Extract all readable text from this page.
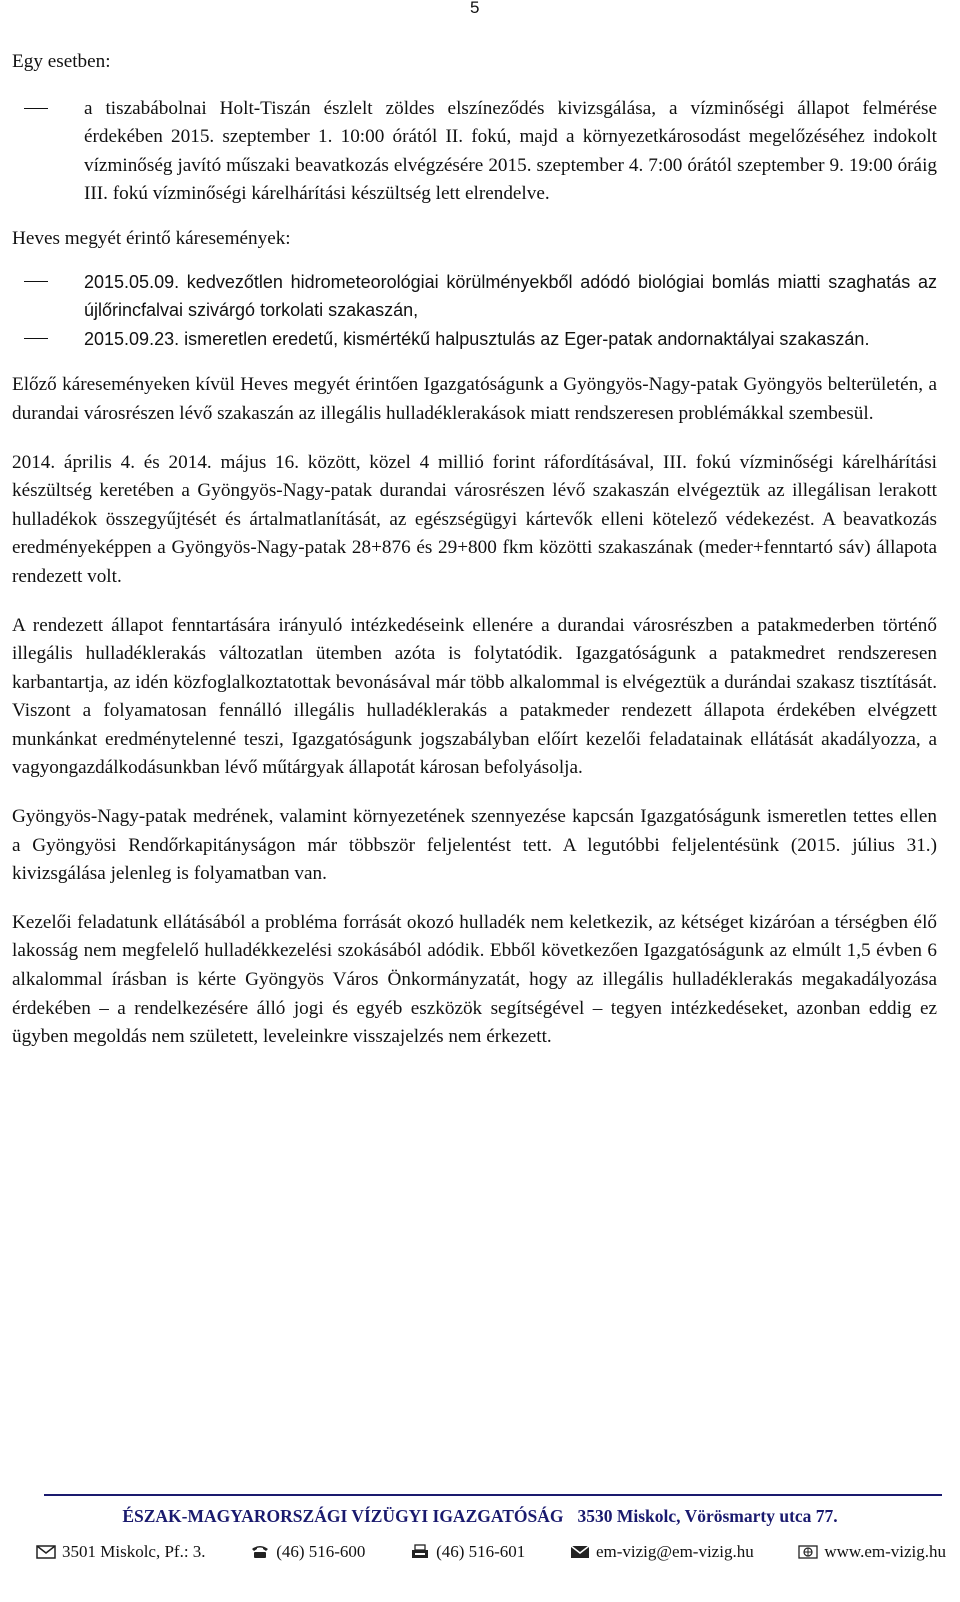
5

Egy esetben:

a tiszabábolnai Holt-Tiszán észlelt zöldes elszíneződés kivizsgálása, a vízminőségi állapot felmérése érdekében 2015. szeptember 1. 10:00 órától II. fokú, majd a környezetkárosodást megelőzéséhez indokolt vízminőség javító műszaki beavatkozás elvégzésére 2015. szeptember 4. 7:00 órától szeptember 9. 19:00 óráig III. fokú vízminőségi kárelhárítási készültség lett elrendelve.

Heves megyét érintő káresemények:

2015.05.09. kedvezőtlen hidrometeorológiai körülményekből adódó biológiai bomlás miatti szaghatás az újlőrincfalvai szivárgó torkolati szakaszán,
2015.09.23. ismeretlen eredetű, kismértékű halpusztulás az Eger-patak andornaktályai szakaszán.

Előző káreseményeken kívül Heves megyét érintően Igazgatóságunk a Gyöngyös-Nagy-patak Gyöngyös belterületén, a durandai városrészen lévő szakaszán az illegális hulladéklerakások miatt rendszeresen problémákkal szembesül.

2014. április 4. és 2014. május 16. között, közel 4 millió forint ráfordításával, III. fokú vízminőségi kárelhárítási készültség keretében a Gyöngyös-Nagy-patak durandai városrészen lévő szakaszán elvégeztük az illegálisan lerakott hulladékok összegyűjtését és ártalmatlanítását, az egészségügyi kártevők elleni kötelező védekezést. A beavatkozás eredményeképpen a Gyöngyös-Nagy-patak 28+876 és 29+800 fkm közötti szakaszának (meder+fenntartó sáv) állapota rendezett volt.

A rendezett állapot fenntartására irányuló intézkedéseink ellenére a durandai városrészben a patakmederben történő illegális hulladéklerakás változatlan ütemben azóta is folytatódik. Igazgatóságunk a patakmedret rendszeresen karbantartja, az idén közfoglalkoztatottak bevonásával már több alkalommal is elvégeztük a durándai szakasz tisztítását. Viszont a folyamatosan fennálló illegális hulladéklerakás a patakmeder rendezett állapota érdekében elvégzett munkánkat eredménytelenné teszi, Igazgatóságunk jogszabályban előírt kezelői feladatainak ellátását akadályozza, a vagyongazdálkodásunkban lévő műtárgyak állapotát károsan befolyásolja.

Gyöngyös-Nagy-patak medrének, valamint környezetének szennyezése kapcsán Igazgatóságunk ismeretlen tettes ellen a Gyöngyösi Rendőrkapitányságon már többször feljelentést tett. A legutóbbi feljelentésünk (2015. július 31.) kivizsgálása jelenleg is folyamatban van.

Kezelői feladatunk ellátásából a probléma forrását okozó hulladék nem keletkezik, az kétséget kizáróan a térségben élő lakosság nem megfelelő hulladékkezelési szokásából adódik. Ebből következően Igazgatóságunk az elmúlt 1,5 évben 6 alkalommal írásban is kérte Gyöngyös Város Önkormányzatát, hogy az illegális hulladéklerakás megakadályozása érdekében – a rendelkezésére álló jogi és egyéb eszközök segítségével – tegyen intézkedéseket, azonban eddig ez ügyben megoldás nem született, leveleinkre visszajelzés nem érkezett.

ÉSZAK-MAGYARORSZÁGI VÍZÜGYI IGAZGATÓSÁG 3530 Miskolc, Vörösmarty utca 77.
3501 Miskolc, Pf.: 3.	(46) 516-600	(46) 516-601	em-vizig@em-vizig.hu	www.em-vizig.hu
